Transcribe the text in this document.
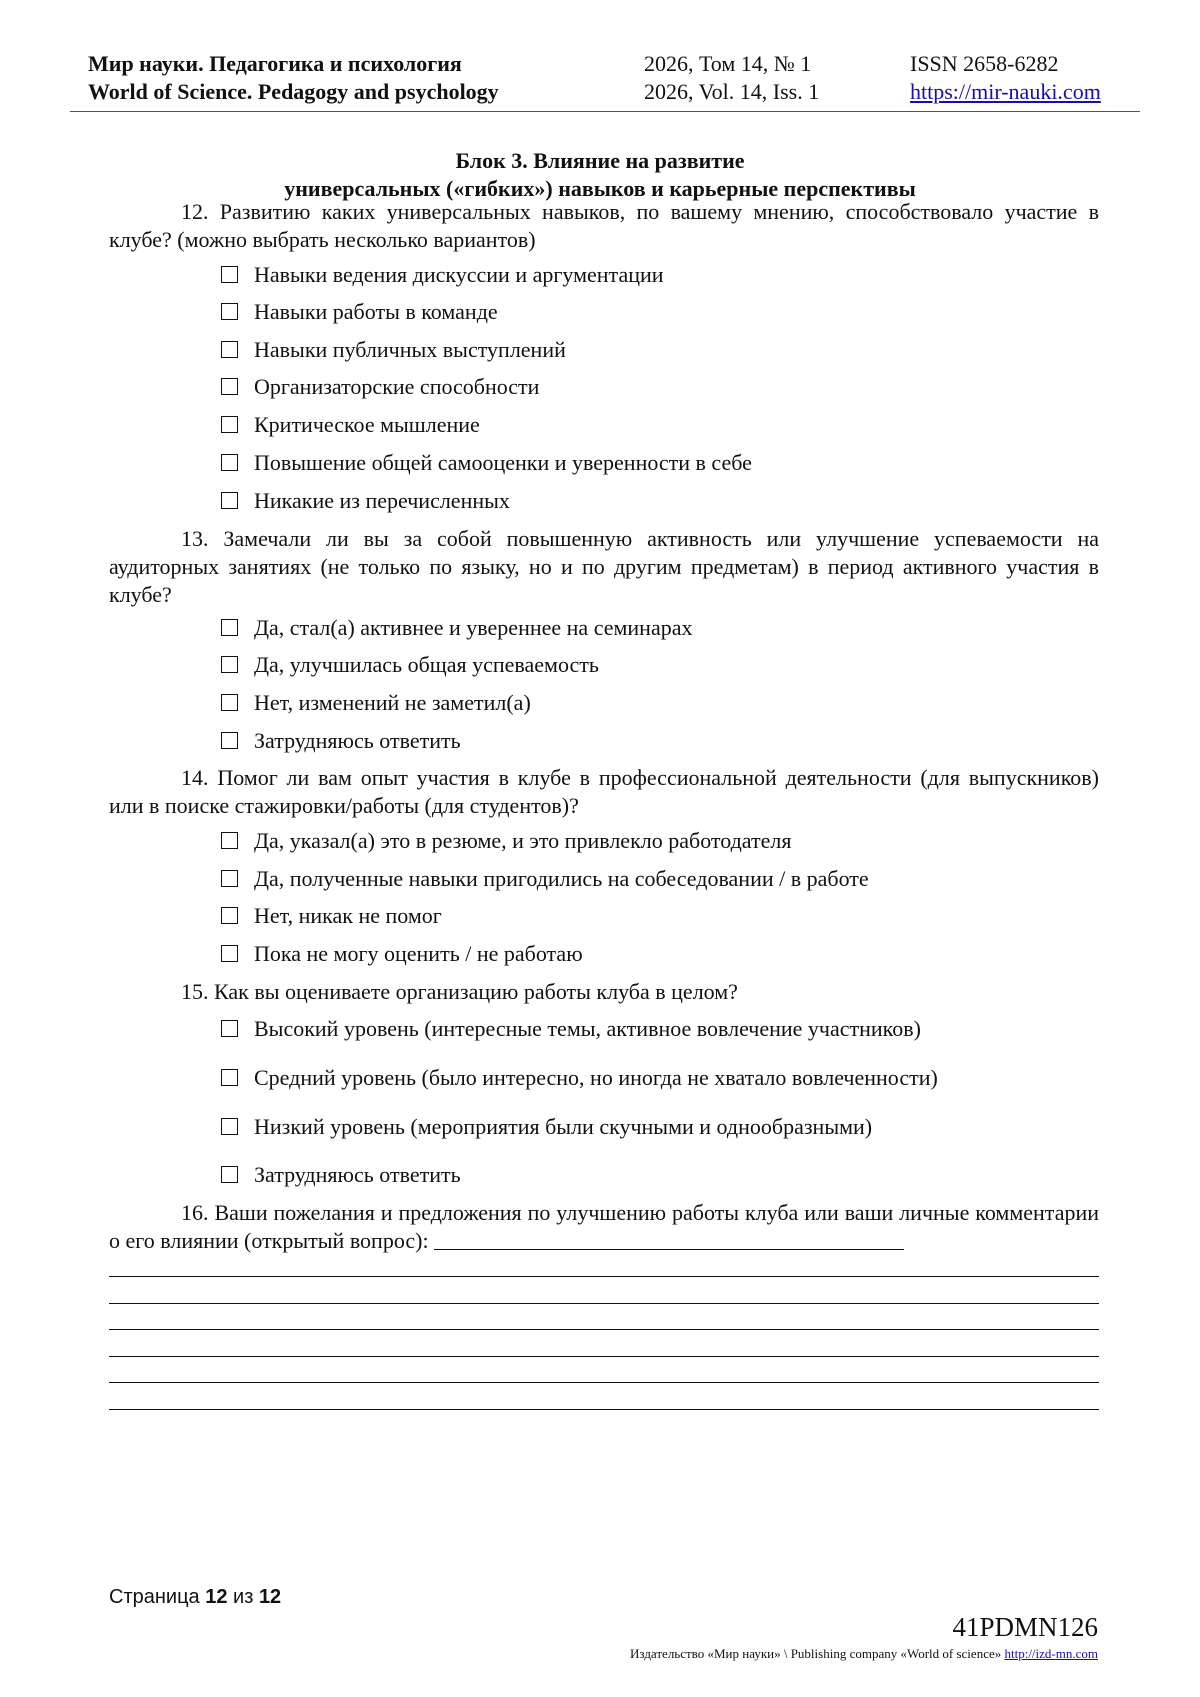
Мир науки. Педагогика и психология
World of Science. Pedagogy and psychology
2026, Том 14, № 1
2026, Vol. 14, Iss. 1
ISSN 2658-6282
https://mir-nauki.com
Блок 3. Влияние на развитие
универсальных («гибких») навыков и карьерные перспективы
12. Развитию каких универсальных навыков, по вашему мнению, способствовало участие в клубе? (можно выбрать несколько вариантов)
Навыки ведения дискуссии и аргументации
Навыки работы в команде
Навыки публичных выступлений
Организаторские способности
Критическое мышление
Повышение общей самооценки и уверенности в себе
Никакие из перечисленных
13. Замечали ли вы за собой повышенную активность или улучшение успеваемости на аудиторных занятиях (не только по языку, но и по другим предметам) в период активного участия в клубе?
Да, стал(а) активнее и увереннее на семинарах
Да, улучшилась общая успеваемость
Нет, изменений не заметил(а)
Затрудняюсь ответить
14. Помог ли вам опыт участия в клубе в профессиональной деятельности (для выпускников) или в поиске стажировки/работы (для студентов)?
Да, указал(а) это в резюме, и это привлекло работодателя
Да, полученные навыки пригодились на собеседовании / в работе
Нет, никак не помог
Пока не могу оценить / не работаю
15. Как вы оцениваете организацию работы клуба в целом?
Высокий уровень (интересные темы, активное вовлечение участников)
Средний уровень (было интересно, но иногда не хватало вовлеченности)
Низкий уровень (мероприятия были скучными и однообразными)
Затрудняюсь ответить
16. Ваши пожелания и предложения по улучшению работы клуба или ваши личные комментарии о его влиянии (открытый вопрос):
Страница 12 из 12
41PDMN126
Издательство «Мир науки» \ Publishing company «World of science» http://izd-mn.com
